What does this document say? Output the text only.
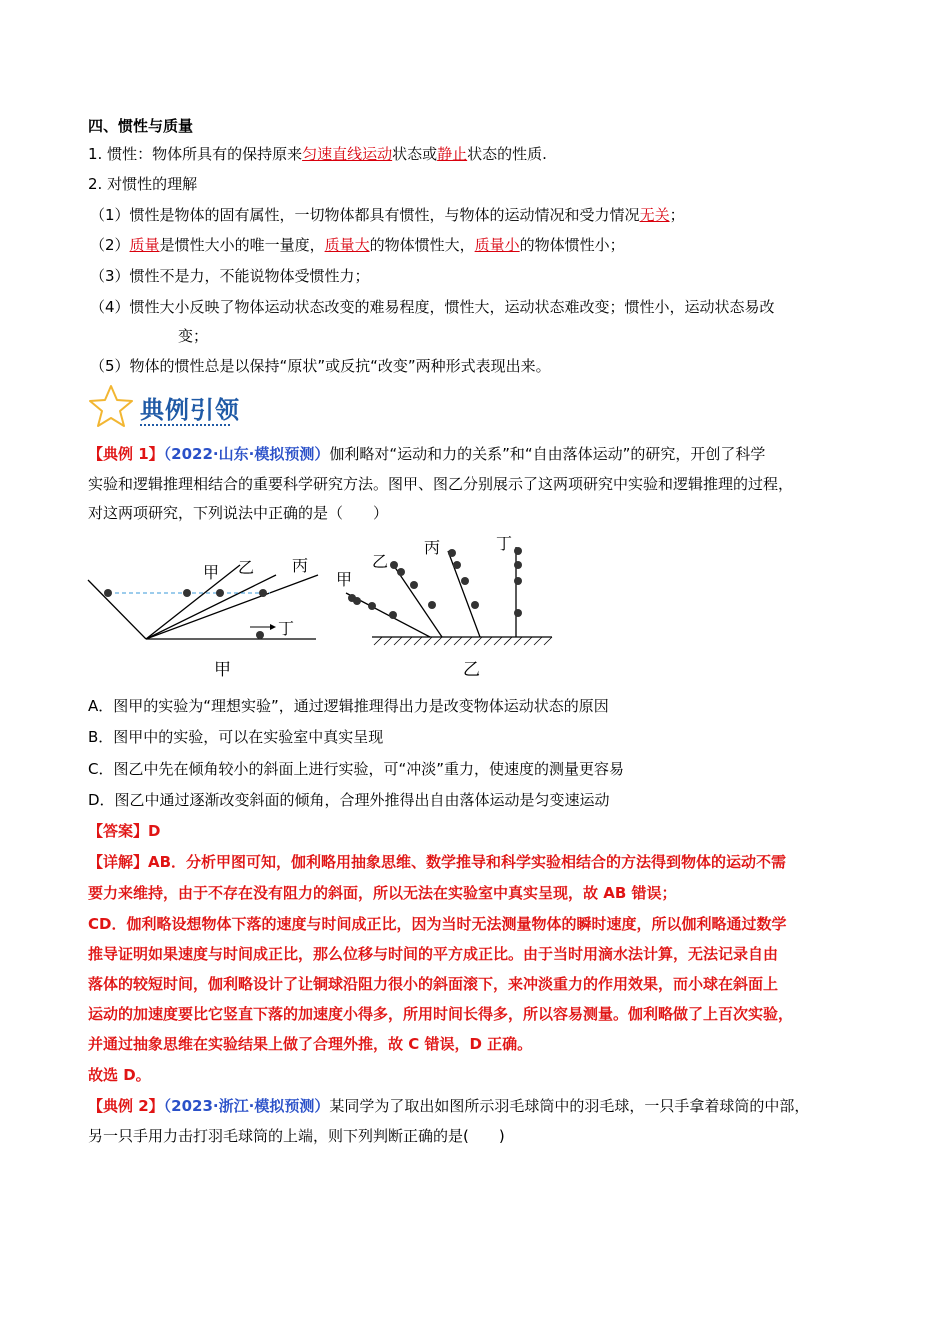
四、惯性与质量
1. 惯性：物体所具有的保持原来匀速直线运动状态或静止状态的性质.
2. 对惯性的理解
（1）惯性是物体的固有属性，一切物体都具有惯性，与物体的运动情况和受力情况无关；
（2）质量是惯性大小的唯一量度，质量大的物体惯性大，质量小的物体惯性小；
（3）惯性不是力，不能说物体受惯性力；
（4）惯性大小反映了物体运动状态改变的难易程度，惯性大，运动状态难改变；惯性小，运动状态易改
变；
（5）物体的惯性总是以保持“原状”或反抗“改变”两种形式表现出来。
典例引领
【典例 1】（2022·山东·模拟预测）伽利略对“运动和力的关系”和“自由落体运动”的研究，开创了科学
实验和逻辑推理相结合的重要科学研究方法。图甲、图乙分别展示了这两项研究中实验和逻辑推理的过程，
对这两项研究，下列说法中正确的是（　　）
甲 乙 丙
丁
甲
甲
乙
丙	丁
乙
A．图甲的实验为“理想实验”，通过逻辑推理得出力是改变物体运动状态的原因
B．图甲中的实验，可以在实验室中真实呈现
C．图乙中先在倾角较小的斜面上进行实验，可“冲淡”重力，使速度的测量更容易
D．图乙中通过逐渐改变斜面的倾角，合理外推得出自由落体运动是匀变速运动
【答案】D
【详解】AB．分析甲图可知，伽利略用抽象思维、数学推导和科学实验相结合的方法得到物体的运动不需
要力来维持，由于不存在没有阻力的斜面，所以无法在实验室中真实呈现，故 AB 错误；
CD．伽利略设想物体下落的速度与时间成正比，因为当时无法测量物体的瞬时速度，所以伽利略通过数学
推导证明如果速度与时间成正比，那么位移与时间的平方成正比。由于当时用滴水法计算，无法记录自由
落体的较短时间，伽利略设计了让铜球沿阻力很小的斜面滚下，来冲淡重力的作用效果，而小球在斜面上
运动的加速度要比它竖直下落的加速度小得多，所用时间长得多，所以容易测量。伽利略做了上百次实验，
并通过抽象思维在实验结果上做了合理外推，故 C 错误，D 正确。
故选 D。
【典例 2】（2023·浙江·模拟预测）某同学为了取出如图所示羽毛球筒中的羽毛球，一只手拿着球筒的中部，
另一只手用力击打羽毛球筒的上端，则下列判断正确的是(　　)
